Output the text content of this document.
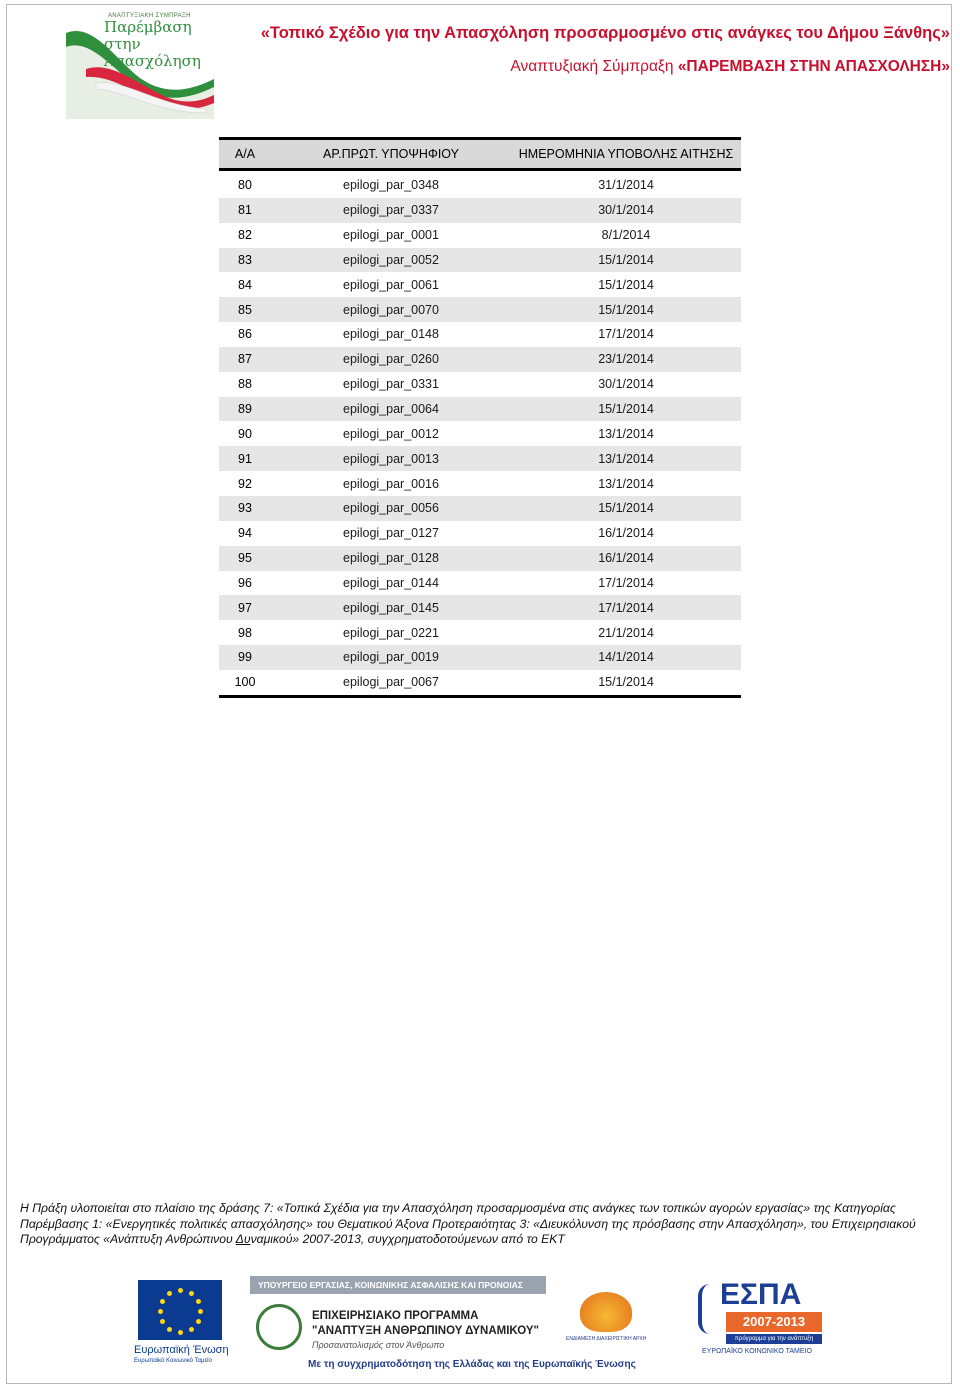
ΑΝΑΠΤΥΞΙΑΚΗ ΣΥΜΠΡΑΞΗ
Παρέμβαση στην
Απασχόληση
«Τοπικό Σχέδιο για την Απασχόληση προσαρμοσμένο στις ανάγκες του Δήμου Ξάνθης»
Αναπτυξιακή Σύμπραξη «ΠΑΡΕΜΒΑΣΗ ΣΤΗΝ ΑΠΑΣΧΟΛΗΣΗ»
Α/Α	ΑΡ.ΠΡΩΤ. ΥΠΟΨΗΦΙΟΥ	ΗΜΕΡΟΜΗΝΙΑ ΥΠΟΒΟΛΗΣ ΑΙΤΗΣΗΣ
80	epilogi_par_0348	31/1/2014
81	epilogi_par_0337	30/1/2014
82	epilogi_par_0001	8/1/2014
83	epilogi_par_0052	15/1/2014
84	epilogi_par_0061	15/1/2014
85	epilogi_par_0070	15/1/2014
86	epilogi_par_0148	17/1/2014
87	epilogi_par_0260	23/1/2014
88	epilogi_par_0331	30/1/2014
89	epilogi_par_0064	15/1/2014
90	epilogi_par_0012	13/1/2014
91	epilogi_par_0013	13/1/2014
92	epilogi_par_0016	13/1/2014
93	epilogi_par_0056	15/1/2014
94	epilogi_par_0127	16/1/2014
95	epilogi_par_0128	16/1/2014
96	epilogi_par_0144	17/1/2014
97	epilogi_par_0145	17/1/2014
98	epilogi_par_0221	21/1/2014
99	epilogi_par_0019	14/1/2014
100	epilogi_par_0067	15/1/2014
Η Πράξη υλοποιείται στο πλαίσιο της δράσης 7: «Τοπικά Σχέδια για την Απασχόληση προσαρμοσμένα στις ανάγκες των τοπικών αγορών εργασίας» της Κατηγορίας Παρέμβασης 1: «Ενεργητικές πολιτικές απασχόλησης» του Θεματικού Άξονα Προτεραιότητας 3: «Διευκόλυνση της πρόσβασης στην Απασχόληση», του Επιχειρησιακού Προγράμματος «Ανάπτυξη Ανθρώπινου Δυναμικού» 2007-2013, συγχρηματοδοτούμενων από το ΕΚΤ
Ευρωπαϊκή Ένωση
Ευρωπαϊκό Κοινωνικό Ταμείο
ΥΠΟΥΡΓΕΙΟ ΕΡΓΑΣΙΑΣ, ΚΟΙΝΩΝΙΚΗΣ ΑΣΦΑΛΙΣΗΣ ΚΑΙ ΠΡΟΝΟΙΑΣ
ΕΠΙΧΕΙΡΗΣΙΑΚΟ ΠΡΟΓΡΑΜΜΑ
"ΑΝΑΠΤΥΞΗ ΑΝΘΡΩΠΙΝΟΥ ΔΥΝΑΜΙΚΟΥ"
Προσανατολισμός στον Άνθρωπο
Με τη συγχρηματοδότηση της Ελλάδας και της Ευρωπαϊκής Ένωσης
ΕΝΔΙΑΜΕΣΗ ΔΙΑΧΕΙΡΙΣΤΙΚΗ ΑΡΧΗ
ΕΣΠΑ
2007-2013
πρόγραμμα για την ανάπτυξη
ΕΥΡΩΠΑΪΚΟ ΚΟΙΝΩΝΙΚΟ ΤΑΜΕΙΟ
